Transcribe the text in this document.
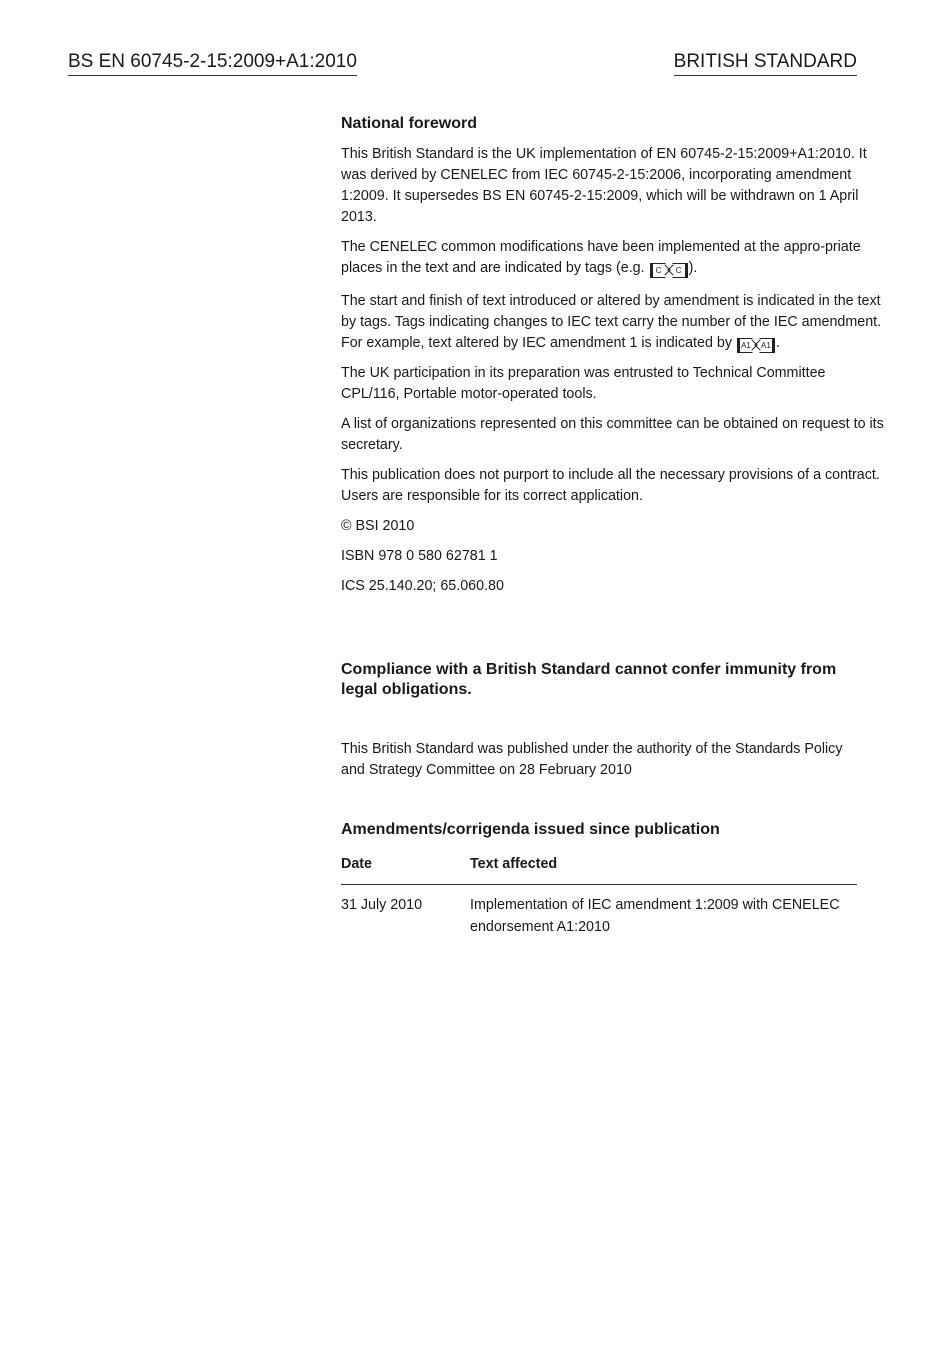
BS EN 60745-2-15:2009+A1:2010	BRITISH STANDARD
National foreword

This British Standard is the UK implementation of EN 60745-2-15:2009+A1:2010. It was derived by CENELEC from IEC 60745-2-15:2006, incorporating amendment 1:2009. It supersedes BS EN 60745-2-15:2009, which will be withdrawn on 1 April 2013.

The CENELEC common modifications have been implemented at the appro-priate places in the text and are indicated by tags (e.g. C C ).

The start and finish of text introduced or altered by amendment is indicated in the text by tags. Tags indicating changes to IEC text carry the number of the IEC amendment. For example, text altered by IEC amendment 1 is indicated by A1 A1 .

The UK participation in its preparation was entrusted to Technical Committee CPL/116, Portable motor-operated tools.

A list of organizations represented on this committee can be obtained on request to its secretary.

This publication does not purport to include all the necessary provisions of a contract. Users are responsible for its correct application.

© BSI 2010

ISBN 978 0 580 62781 1

ICS 25.140.20; 65.060.80

Compliance with a British Standard cannot confer immunity from legal obligations.
This British Standard was published under the authority of the Standards Policy and Strategy Committee on 28 February 2010
Amendments/corrigenda issued since publication
Date	Text affected
31 July 2010	Implementation of IEC amendment 1:2009 with CENELEC endorsement A1:2010
